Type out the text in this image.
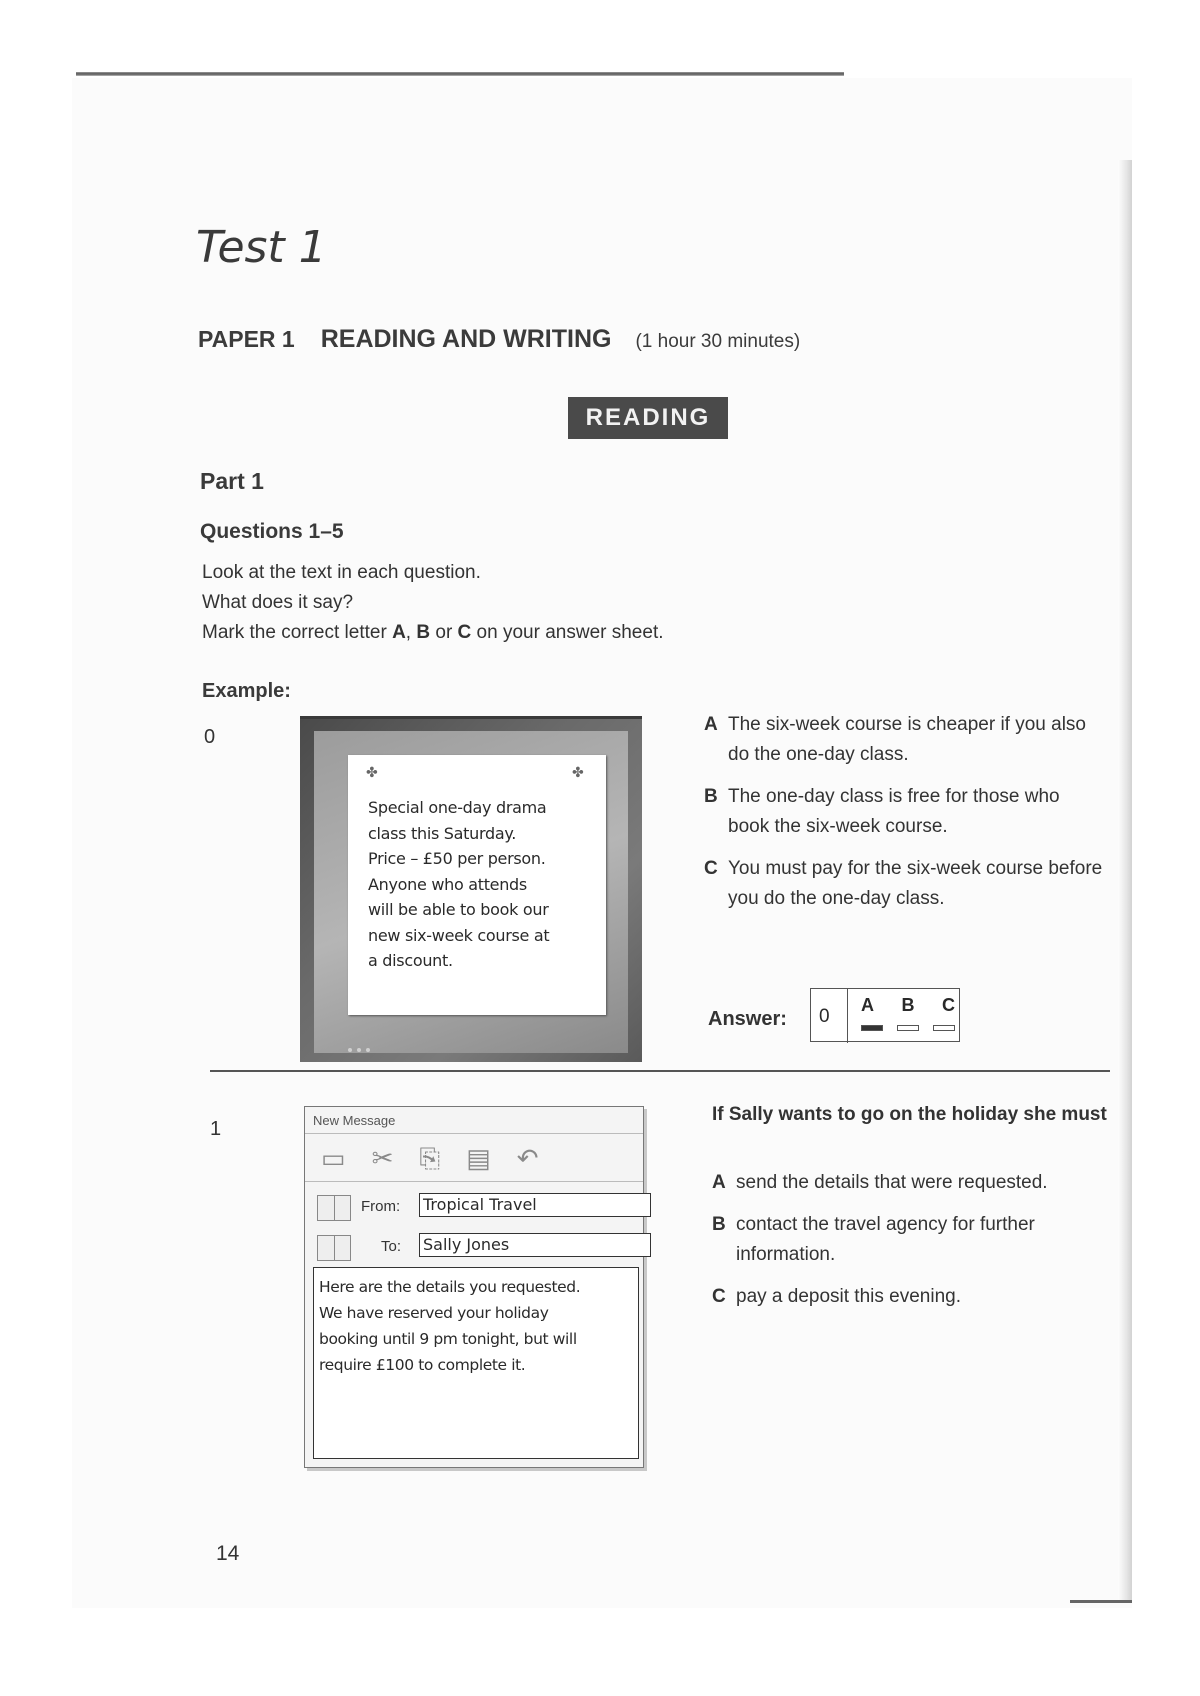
Test 1
PAPER 1 READING AND WRITING (1 hour 30 minutes)
READING
Part 1
Questions 1–5
Look at the text in each question.
What does it say?
Mark the correct letter A, B or C on your answer sheet.
Example:
0
✤	✤
Special one-day drama
class this Saturday.
Price – £50 per person.
Anyone who attends
will be able to book our
new six-week course at
a discount.
A The six-week course is cheaper if you also do the one-day class.
B The one-day class is free for those who book the six-week course.
C You must pay for the six-week course before you do the one-day class.
Answer: 0
A B C
1	New Message
▭ ✂ ⎘ ▤ ↶
From: Tropical Travel
To: Sally Jones
Here are the details you requested.
We have reserved your holiday
booking until 9 pm tonight, but will
require £100 to complete it.
If Sally wants to go on the holiday she must
A send the details that were requested.
B contact the travel agency for further information.
C pay a deposit this evening.
14
